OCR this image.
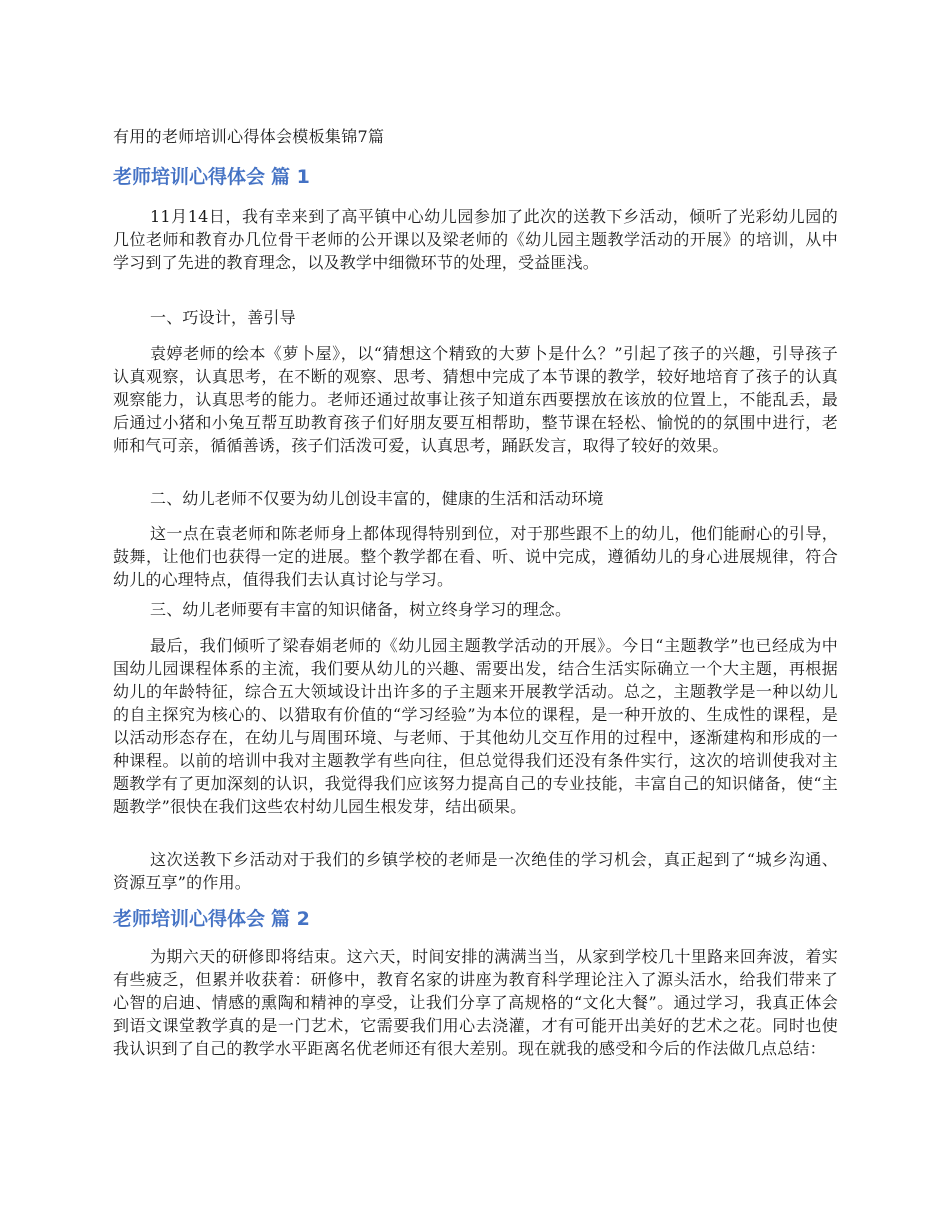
有用的老师培训心得体会模板集锦7篇
老师培训心得体会 篇 1

11月14日，我有幸来到了高平镇中心幼儿园参加了此次的送教下乡活动，倾听了光彩幼儿园的几位老师和教育办几位骨干老师的公开课以及梁老师的《幼儿园主题教学活动的开展》的培训，从中学习到了先进的教育理念，以及教学中细微环节的处理，受益匪浅。

一、巧设计，善引导

袁婷老师的绘本《萝卜屋》，以“猜想这个精致的大萝卜是什么？”引起了孩子的兴趣，引导孩子认真观察，认真思考，在不断的观察、思考、猜想中完成了本节课的教学，较好地培育了孩子的认真观察能力，认真思考的能力。老师还通过故事让孩子知道东西要摆放在该放的位置上，不能乱丢，最后通过小猪和小兔互帮互助教育孩子们好朋友要互相帮助，整节课在轻松、愉悦的的氛围中进行，老师和气可亲，循循善诱，孩子们活泼可爱，认真思考，踊跃发言，取得了较好的效果。

二、幼儿老师不仅要为幼儿创设丰富的，健康的生活和活动环境

这一点在袁老师和陈老师身上都体现得特别到位，对于那些跟不上的幼儿，他们能耐心的引导，鼓舞，让他们也获得一定的进展。整个教学都在看、听、说中完成，遵循幼儿的身心进展规律，符合幼儿的心理特点，值得我们去认真讨论与学习。

三、幼儿老师要有丰富的知识储备，树立终身学习的理念。

最后，我们倾听了梁春娟老师的《幼儿园主题教学活动的开展》。今日“主题教学”也已经成为中国幼儿园课程体系的主流，我们要从幼儿的兴趣、需要出发，结合生活实际确立一个大主题，再根据幼儿的年龄特征，综合五大领域设计出许多的子主题来开展教学活动。总之，主题教学是一种以幼儿的自主探究为核心的、以猎取有价值的“学习经验”为本位的课程，是一种开放的、生成性的课程，是以活动形态存在，在幼儿与周围环境、与老师、于其他幼儿交互作用的过程中，逐渐建构和形成的一种课程。以前的培训中我对主题教学有些向往，但总觉得我们还没有条件实行，这次的培训使我对主题教学有了更加深刻的认识，我觉得我们应该努力提高自己的专业技能，丰富自己的知识储备，使“主题教学”很快在我们这些农村幼儿园生根发芽，结出硕果。

这次送教下乡活动对于我们的乡镇学校的老师是一次绝佳的学习机会，真正起到了“城乡沟通、资源互享”的作用。

老师培训心得体会 篇 2

为期六天的研修即将结束。这六天，时间安排的满满当当，从家到学校几十里路来回奔波，着实有些疲乏，但累并收获着：研修中，教育名家的讲座为教育科学理论注入了源头活水，给我们带来了心智的启迪、情感的熏陶和精神的享受，让我们分享了高规格的“文化大餐”。通过学习，我真正体会到语文课堂教学真的是一门艺术，它需要我们用心去浇灌，才有可能开出美好的艺术之花。同时也使我认识到了自己的教学水平距离名优老师还有很大差别。现在就我的感受和今后的作法做几点总结：
